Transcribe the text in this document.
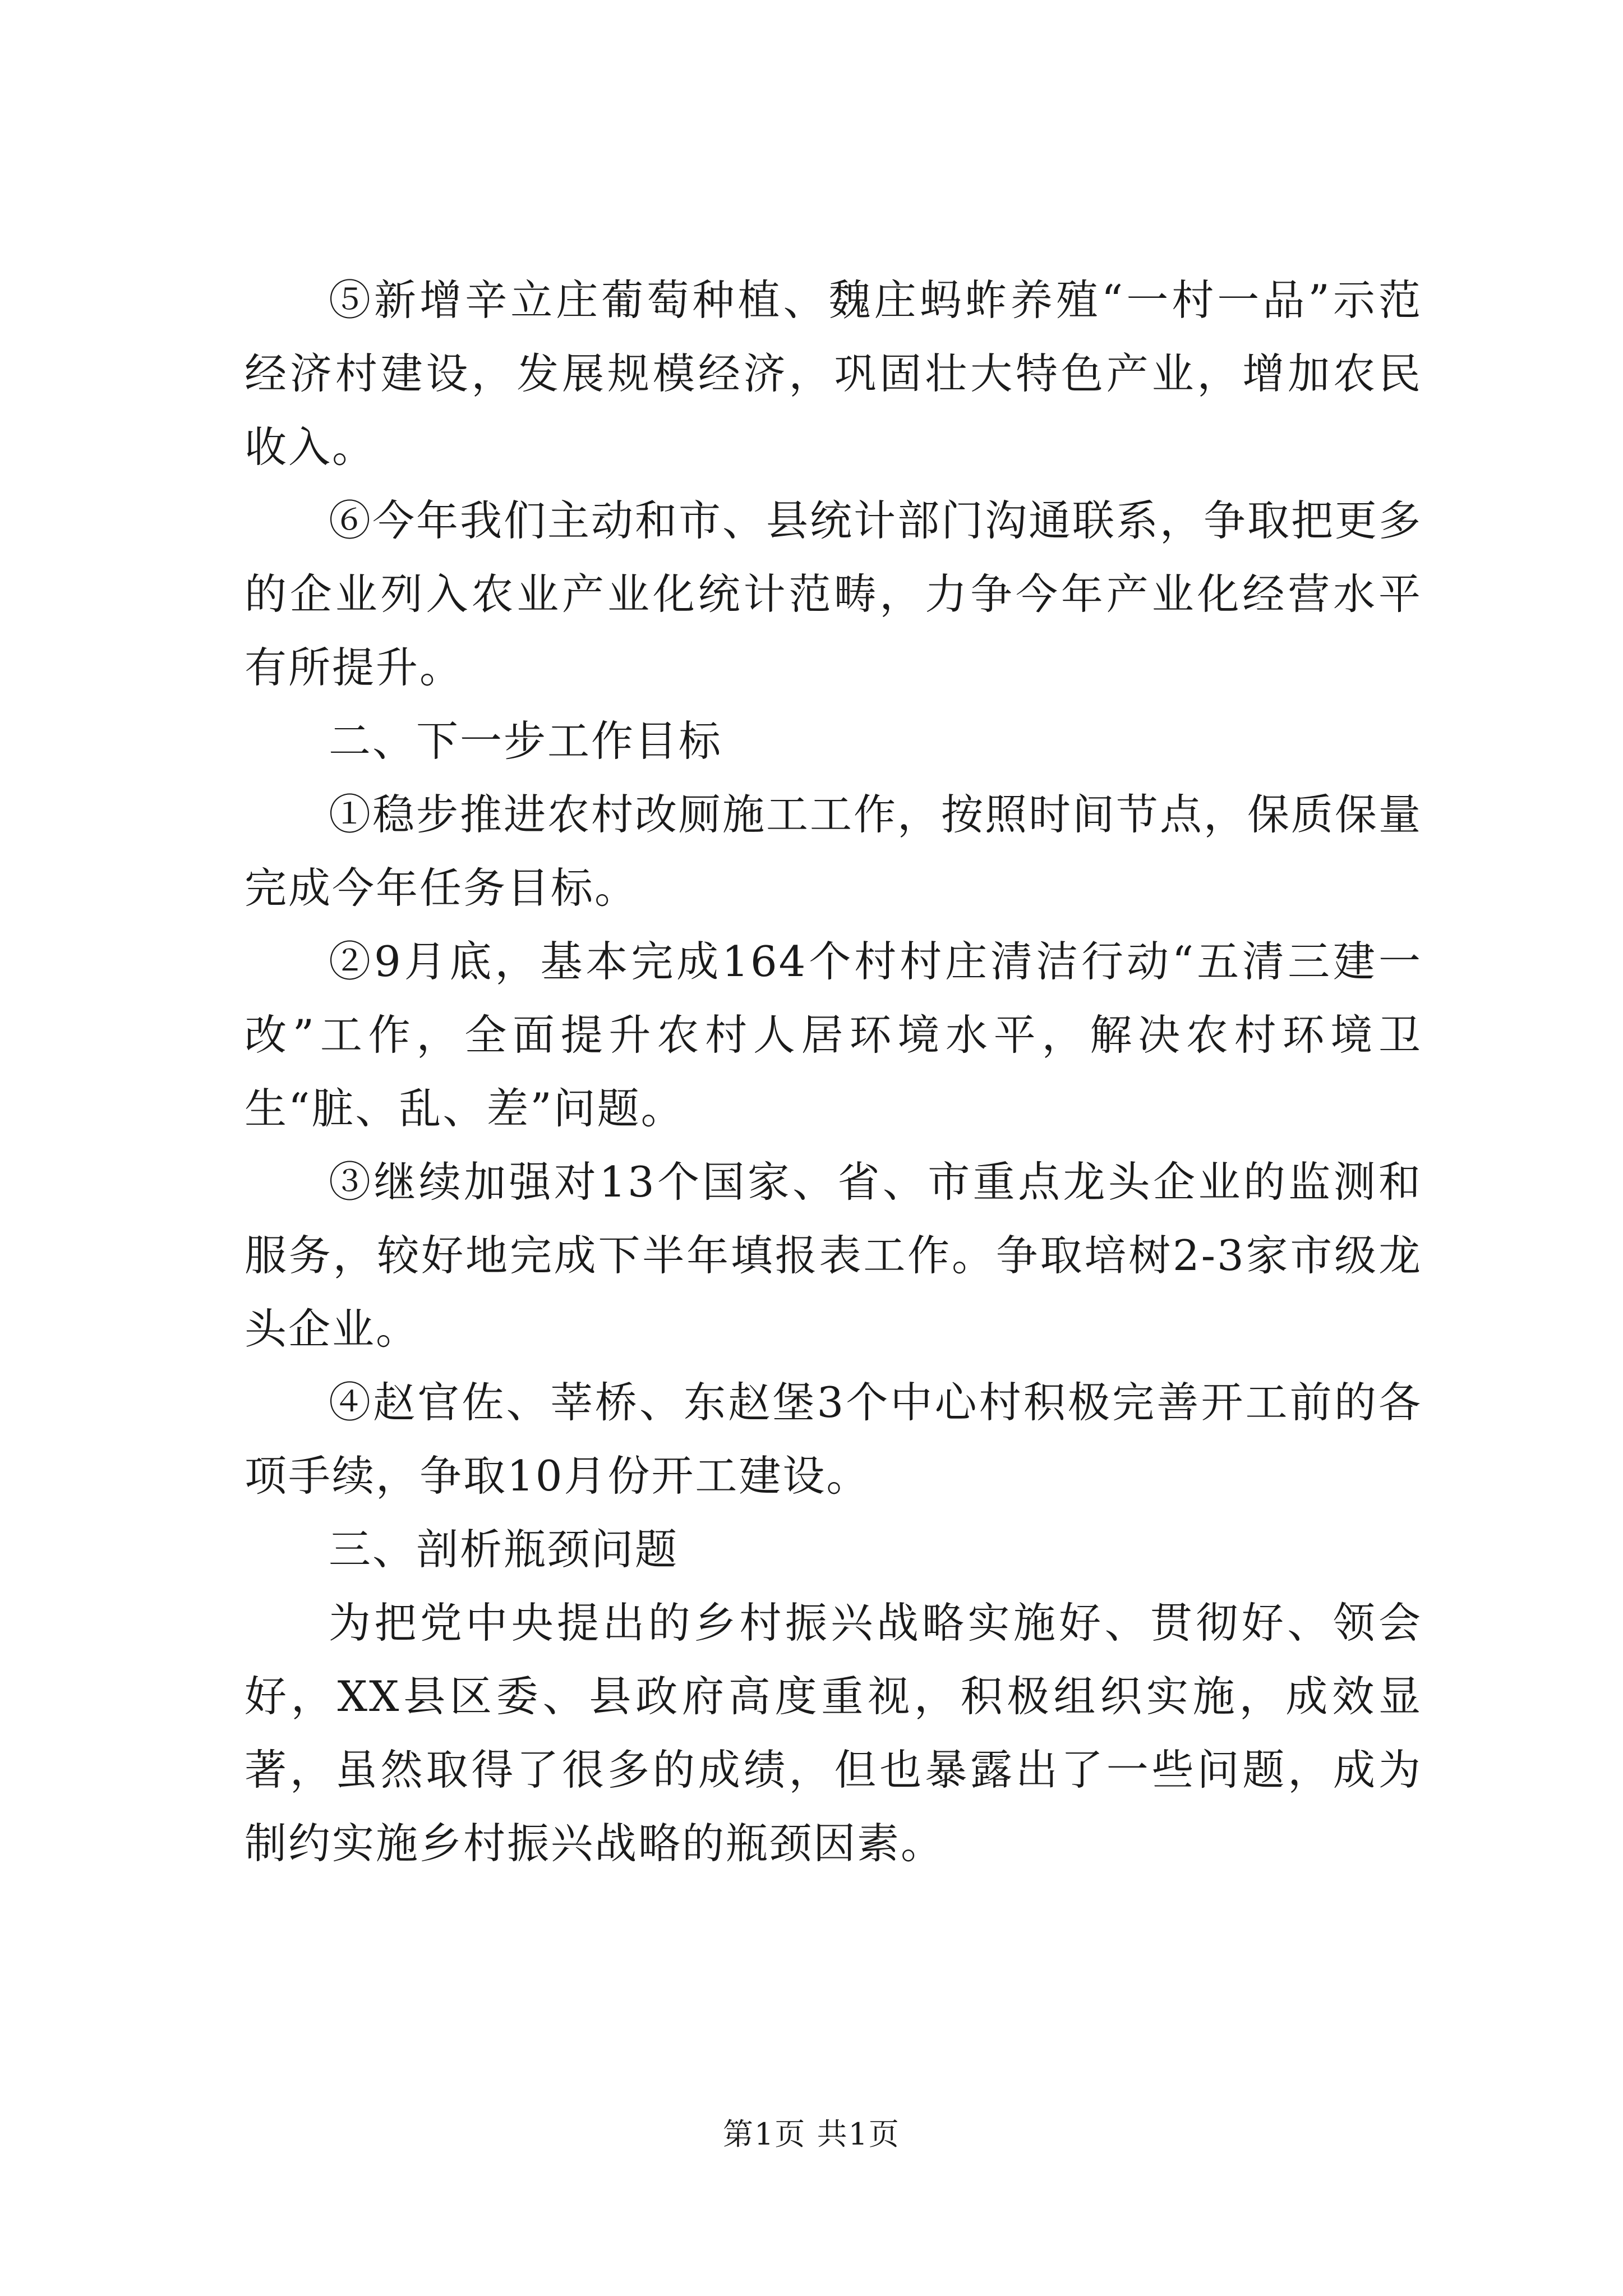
⑤新增辛立庄葡萄种植、魏庄蚂蚱养殖“一村一品”示范经济村建设，发展规模经济，巩固壮大特色产业，增加农民收入。

⑥今年我们主动和市、县统计部门沟通联系，争取把更多的企业列入农业产业化统计范畴，力争今年产业化经营水平有所提升。

二、下一步工作目标

①稳步推进农村改厕施工工作，按照时间节点，保质保量完成今年任务目标。

②9月底，基本完成164个村村庄清洁行动“五清三建一改”工作，全面提升农村人居环境水平，解决农村环境卫生“脏、乱、差”问题。

③继续加强对13个国家、省、市重点龙头企业的监测和服务，较好地完成下半年填报表工作。争取培树2-3家市级龙头企业。

④赵官佐、莘桥、东赵堡3个中心村积极完善开工前的各项手续，争取10月份开工建设。

三、剖析瓶颈问题

为把党中央提出的乡村振兴战略实施好、贯彻好、领会好，XX县区委、县政府高度重视，积极组织实施，成效显著，虽然取得了很多的成绩，但也暴露出了一些问题，成为制约实施乡村振兴战略的瓶颈因素。

第1页 共1页
